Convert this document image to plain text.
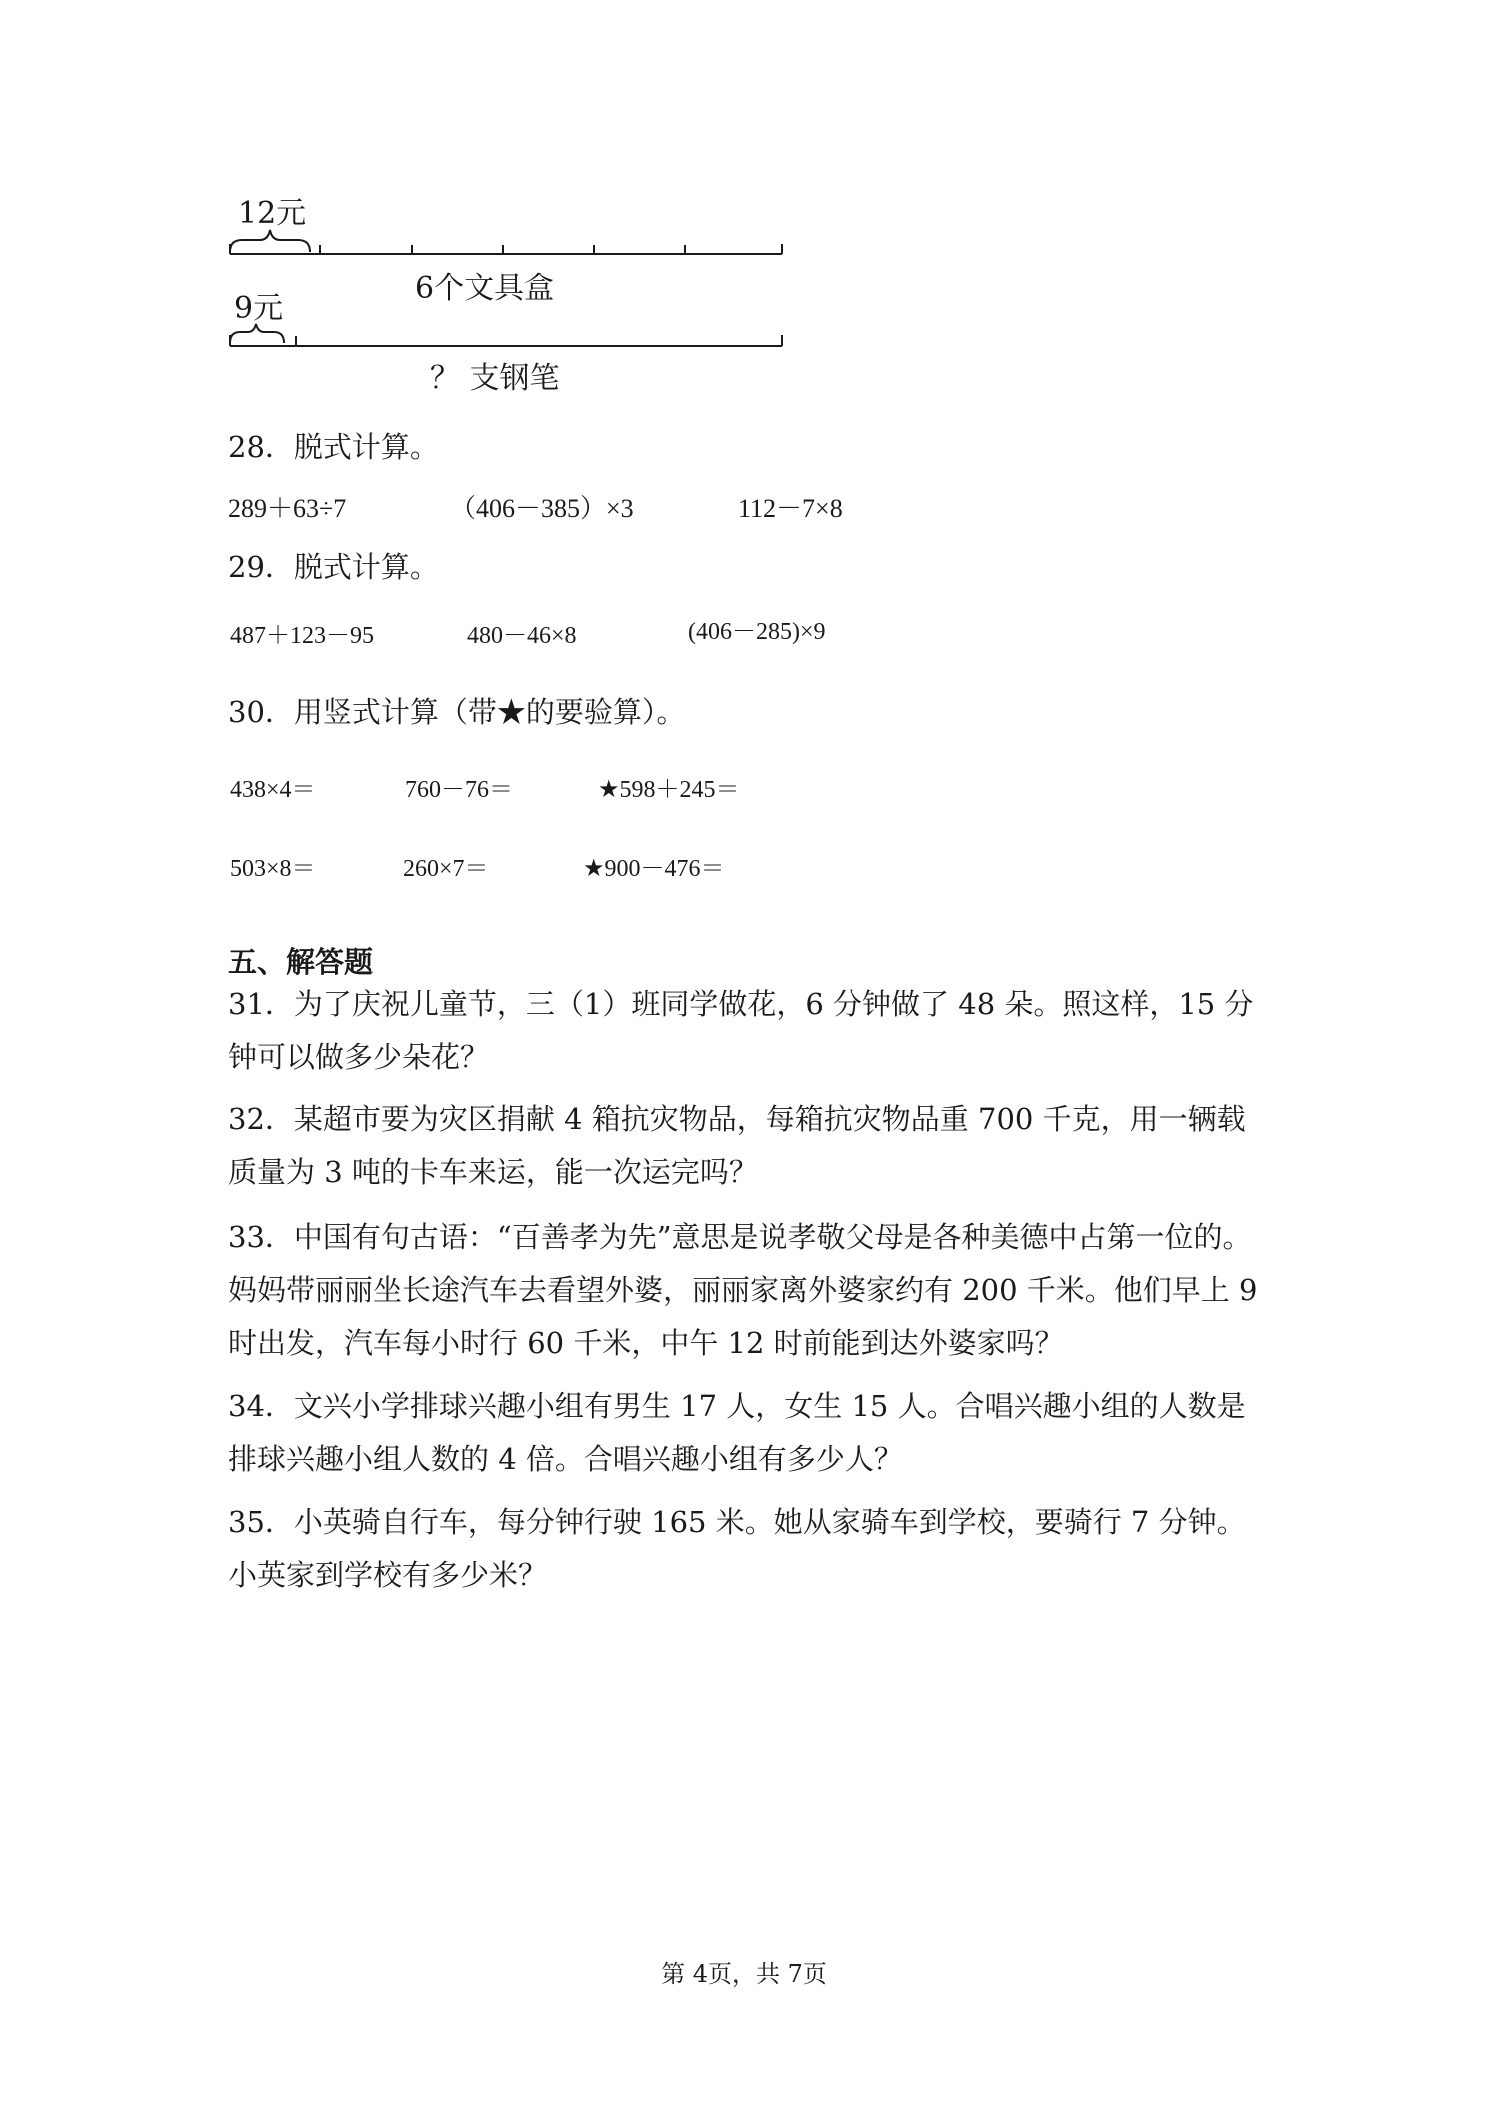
12元
6个文具盒
9元
？ 支钢笔
28．脱式计算。
289＋63÷7	（406－385）×3	112－7×8
29．脱式计算。
487＋123－95	480－46×8	(406－285)×9
30．用竖式计算（带★的要验算）。
438×4＝	760－76＝	★598＋245＝
503×8＝	260×7＝	★900－476＝
五、解答题
31．为了庆祝儿童节，三（1）班同学做花，6 分钟做了 48 朵。照这样，15 分钟可以做多少朵花？
32．某超市要为灾区捐献 4 箱抗灾物品，每箱抗灾物品重 700 千克，用一辆载质量为 3 吨的卡车来运，能一次运完吗？
33．中国有句古语：“百善孝为先”意思是说孝敬父母是各种美德中占第一位的。妈妈带丽丽坐长途汽车去看望外婆，丽丽家离外婆家约有 200 千米。他们早上 9 时出发，汽车每小时行 60 千米，中午 12 时前能到达外婆家吗？
34．文兴小学排球兴趣小组有男生 17 人，女生 15 人。合唱兴趣小组的人数是排球兴趣小组人数的 4 倍。合唱兴趣小组有多少人？
35．小英骑自行车，每分钟行驶 165 米。她从家骑车到学校，要骑行 7 分钟。小英家到学校有多少米？
第 4页，共 7页
